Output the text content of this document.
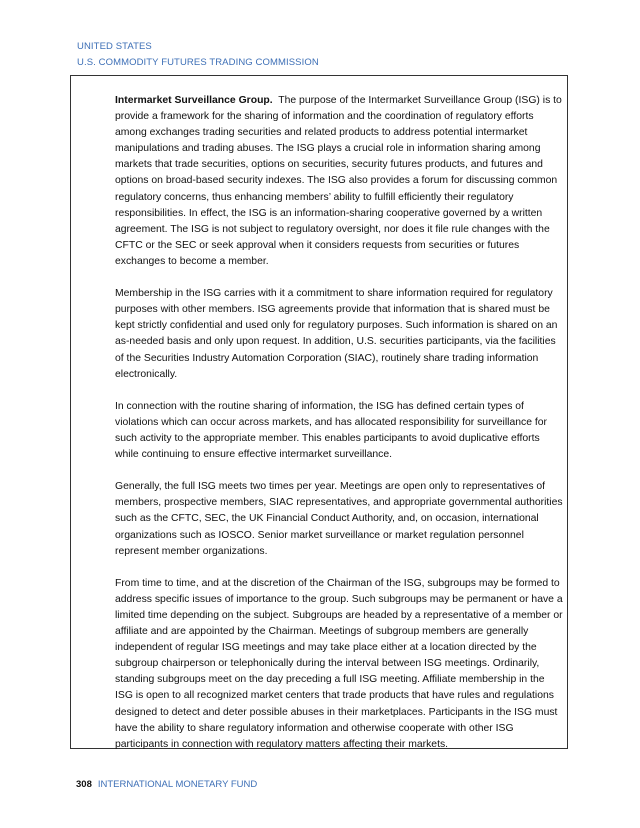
UNITED STATES
U.S. COMMODITY FUTURES TRADING COMMISSION

Intermarket Surveillance Group. The purpose of the Intermarket Surveillance Group (ISG) is to provide a framework for the sharing of information and the coordination of regulatory efforts among exchanges trading securities and related products to address potential intermarket manipulations and trading abuses. The ISG plays a crucial role in information sharing among markets that trade securities, options on securities, security futures products, and futures and options on broad-based security indexes. The ISG also provides a forum for discussing common regulatory concerns, thus enhancing members’ ability to fulfill efficiently their regulatory responsibilities. In effect, the ISG is an information-sharing cooperative governed by a written agreement. The ISG is not subject to regulatory oversight, nor does it file rule changes with the CFTC or the SEC or seek approval when it considers requests from securities or futures exchanges to become a member.

Membership in the ISG carries with it a commitment to share information required for regulatory purposes with other members. ISG agreements provide that information that is shared must be kept strictly confidential and used only for regulatory purposes. Such information is shared on an as-needed basis and only upon request. In addition, U.S. securities participants, via the facilities of the Securities Industry Automation Corporation (SIAC), routinely share trading information electronically.

In connection with the routine sharing of information, the ISG has defined certain types of violations which can occur across markets, and has allocated responsibility for surveillance for such activity to the appropriate member. This enables participants to avoid duplicative efforts while continuing to ensure effective intermarket surveillance.

Generally, the full ISG meets two times per year. Meetings are open only to representatives of members, prospective members, SIAC representatives, and appropriate governmental authorities such as the CFTC, SEC, the UK Financial Conduct Authority, and, on occasion, international organizations such as IOSCO. Senior market surveillance or market regulation personnel represent member organizations.

From time to time, and at the discretion of the Chairman of the ISG, subgroups may be formed to address specific issues of importance to the group. Such subgroups may be permanent or have a limited time depending on the subject. Subgroups are headed by a representative of a member or affiliate and are appointed by the Chairman. Meetings of subgroup members are generally independent of regular ISG meetings and may take place either at a location directed by the subgroup chairperson or telephonically during the interval between ISG meetings. Ordinarily, standing subgroups meet on the day preceding a full ISG meeting. Affiliate membership in the ISG is open to all recognized market centers that trade products that have rules and regulations designed to detect and deter possible abuses in their marketplaces. Participants in the ISG must have the ability to share regulatory information and otherwise cooperate with other ISG participants in connection with regulatory matters affecting their markets.

308 INTERNATIONAL MONETARY FUND
